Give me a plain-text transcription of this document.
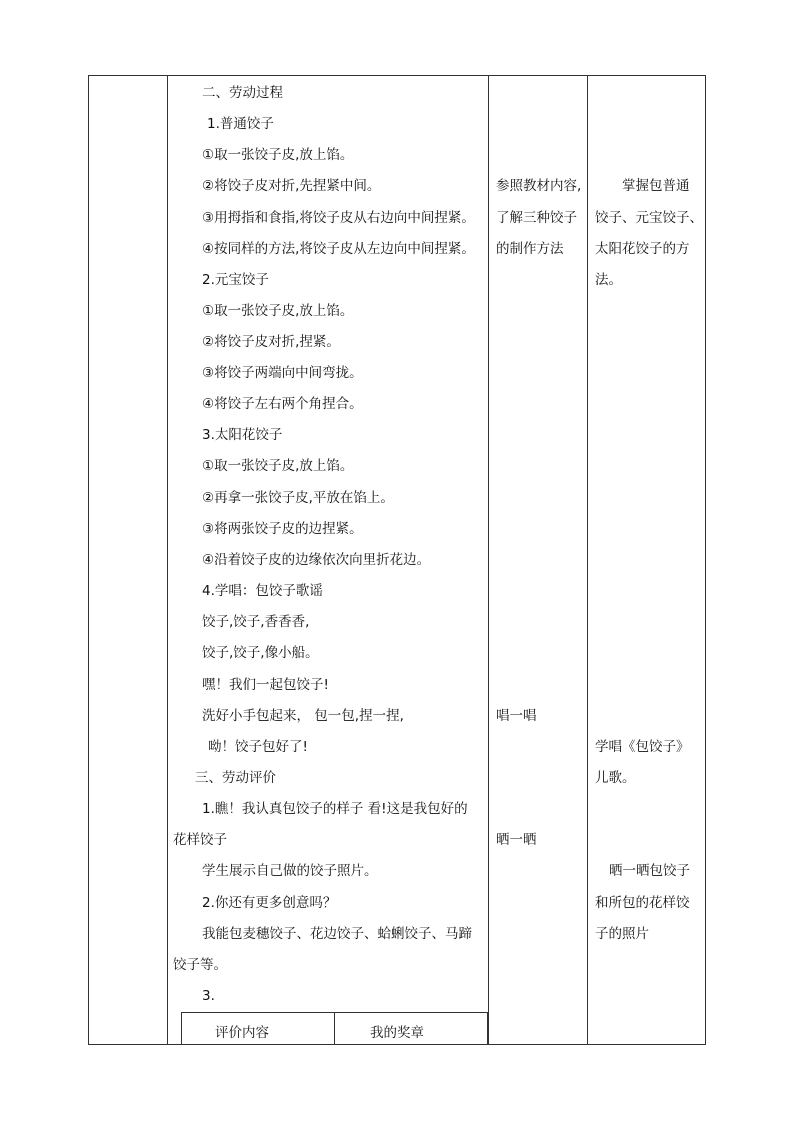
二、劳动过程
1.普通饺子
①取一张饺子皮,放上馅。
②将饺子皮对折,先捏紧中间。
③用拇指和食指,将饺子皮从右边向中间捏紧。
④按同样的方法,将饺子皮从左边向中间捏紧。
2.元宝饺子
①取一张饺子皮,放上馅。
②将饺子皮对折,捏紧。
③将饺子两端向中间弯拢。
④将饺子左右两个角捏合。
3.太阳花饺子
①取一张饺子皮,放上馅。
②再拿一张饺子皮,平放在馅上。
③将两张饺子皮的边捏紧。
④沿着饺子皮的边缘依次向里折花边。
4.学唱：包饺子歌谣
饺子,饺子,香香香,
饺子,饺子,像小船。
嘿！我们一起包饺子!
洗好小手包起来， 包一包,捏一捏,
呦！饺子包好了!
三、劳动评价
1.瞧！我认真包饺子的样子 看!这是我包好的
花样饺子
学生展示自己做的饺子照片。
2.你还有更多创意吗？
我能包麦穗饺子、花边饺子、蛤蜊饺子、马蹄
饺子等。
3.
参照教材内容,
了解三种饺子
的制作方法
唱一唱
晒一晒
掌握包普通
饺子、元宝饺子、
太阳花饺子的方
法。
学唱《包饺子》
儿歌。
晒一晒包饺子
和所包的花样饺
子的照片
评价内容	我的奖章
